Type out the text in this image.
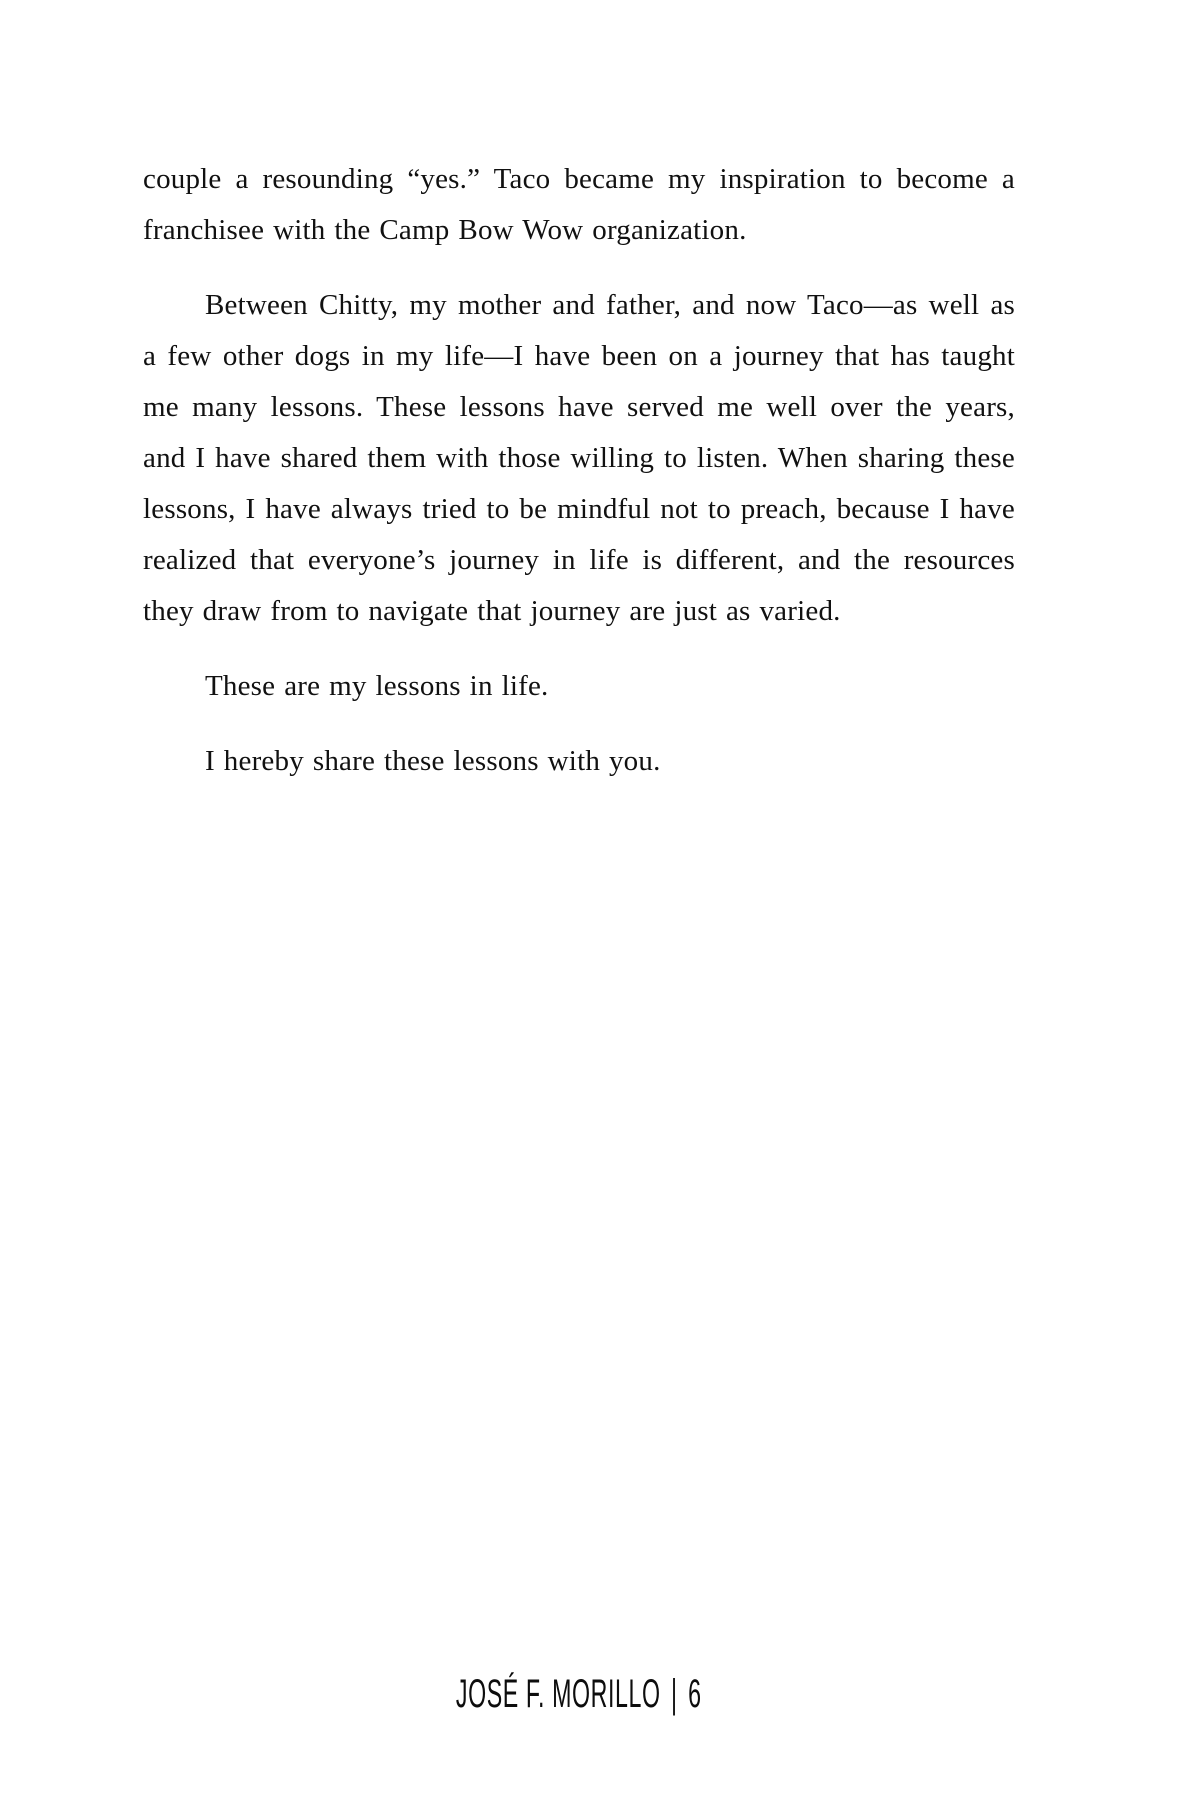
couple a resounding “yes.” Taco became my inspiration to become a franchisee with the Camp Bow Wow organization.

Between Chitty, my mother and father, and now Taco—as well as a few other dogs in my life—I have been on a journey that has taught me many lessons. These lessons have served me well over the years, and I have shared them with those willing to listen. When sharing these lessons, I have always tried to be mindful not to preach, because I have realized that everyone’s journey in life is different, and the resources they draw from to navigate that journey are just as varied.

These are my lessons in life.

I hereby share these lessons with you.

JOSÉ F. MORILLO | 6
